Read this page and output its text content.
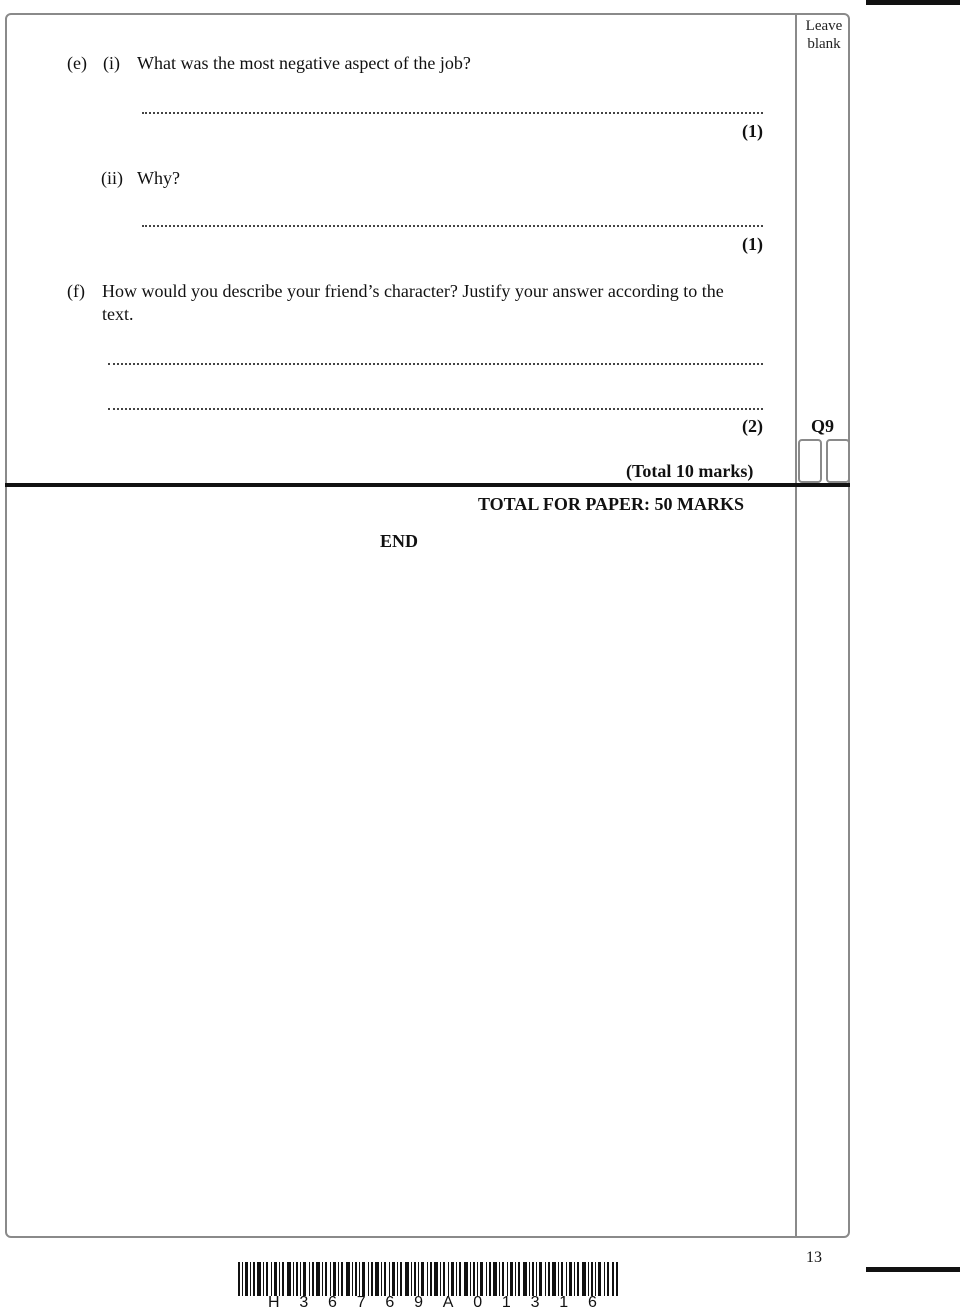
Leave
blank
(e) (i) What was the most negative aspect of the job?
(1)
(ii) Why?
(1)
(f) How would you describe your friend’s character? Justify your answer according to the
text.
(2)	Q9
(Total 10 marks)
TOTAL FOR PAPER: 50 MARKS
END
13
H 3 6 7 6 9 A 0 1 3 1 6
